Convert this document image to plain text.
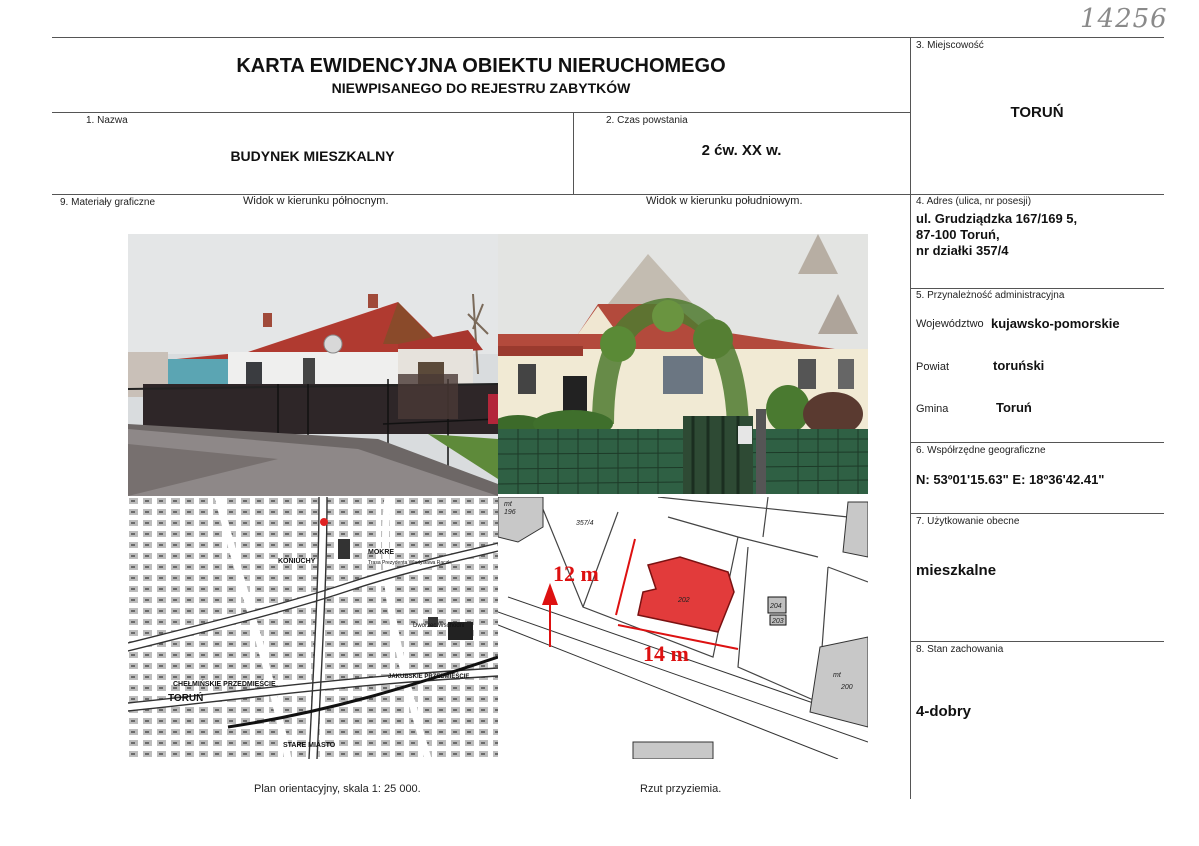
14256
KARTA EWIDENCYJNA OBIEKTU NIERUCHOMEGO
NIEWPISANEGO DO REJESTRU ZABYTKÓW
1. Nazwa
BUDYNEK MIESZKALNY
2. Czas powstania
2 ćw. XX w.
3. Miejscowość
TORUŃ
4. Adres (ulica, nr posesji)
ul. Grudziądzka 167/169 5,
87-100 Toruń,
nr działki 357/4
5. Przynależność administracyjna
Województwo kujawsko-pomorskie
Powiat	toruński
Gmina	Toruń
6. Współrzędne geograficzne
N: 53º01'15.63" E: 18º36'42.41"
7. Użytkowanie obecne
mieszkalne
8. Stan zachowania
4-dobry
9. Materiały graficzne	Widok w kierunku północnym.	Widok w kierunku południowym.
Plan orientacyjny, skala 1: 25 000.	Rzut przyziemia.
KONIUCHY
MOKRE
Trasa Prezydenta Władysława Raczk.
Dworzec Wschodni
CHEŁMIŃSKIE PRZEDMIEŚCIE
TORUŃ
JAKUBSKIE PRZEDMIEŚCIE
STARE MIASTO
12 m
14 m
mt
196
357/4
202
204
203
mt
200
